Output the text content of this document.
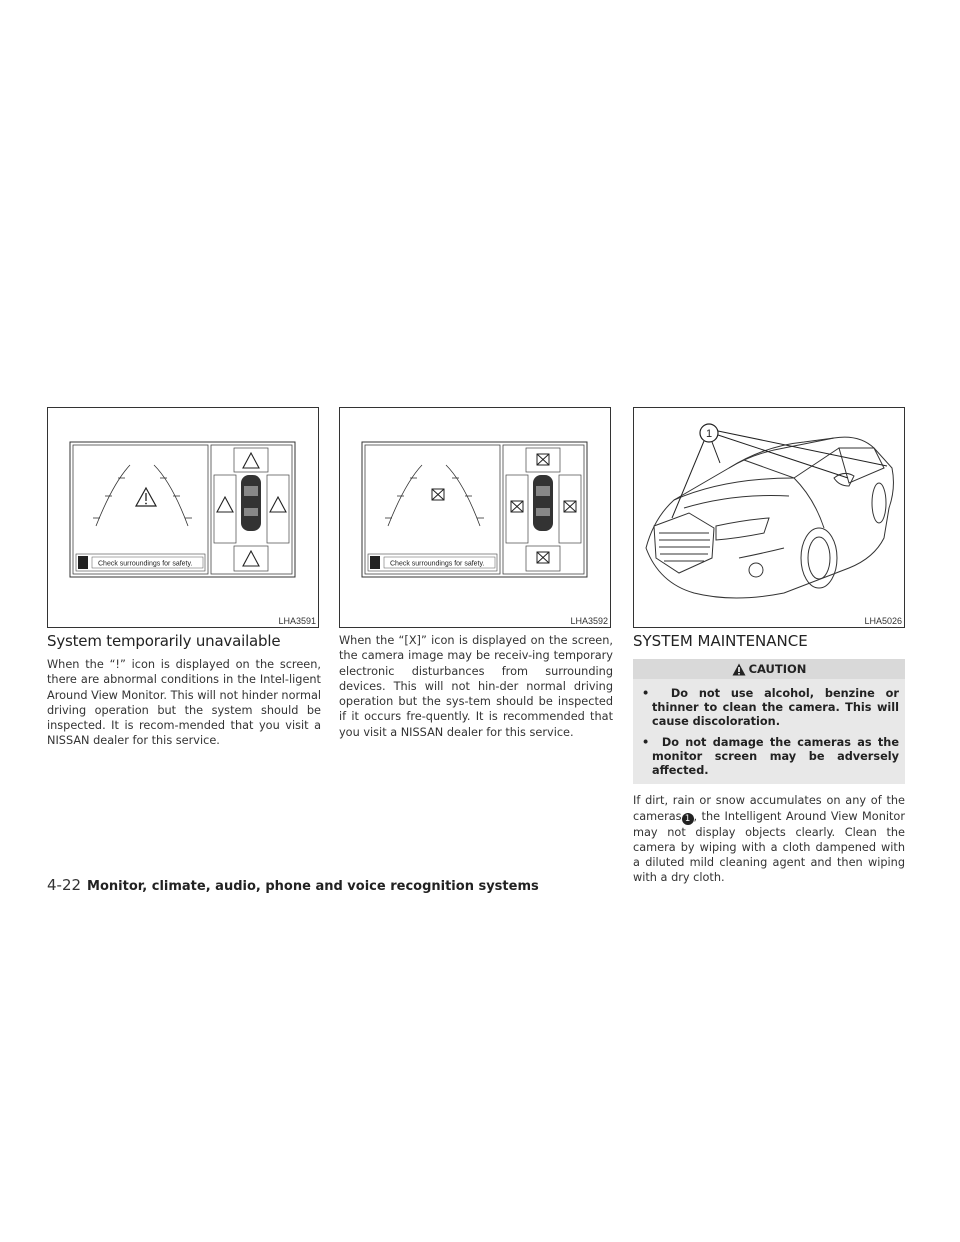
Check surroundings for safety.
LHA3591
Check surroundings for safety.
LHA3592
1
LHA5026
System temporarily unavailable

When the “!” icon is displayed on the screen, there are abnormal conditions in the Intel-ligent Around View Monitor. This will not hinder normal driving operation but the system should be inspected. It is recom-mended that you visit a NISSAN dealer for this service.

When the “[X]” icon is displayed on the screen, the camera image may be receiv-ing temporary electronic disturbances from surrounding devices. This will not hin-der normal driving operation but the sys-tem should be inspected if it occurs fre-quently. It is recommended that you visit a NISSAN dealer for this service.

SYSTEM MAINTENANCE
CAUTION
•  Do not use alcohol, benzine or thinner to clean the camera. This will cause discoloration.
•  Do not damage the cameras as the monitor screen may be adversely affected.

If dirt, rain or snow accumulates on any of the cameras 1 , the Intelligent Around View Monitor may not display objects clearly. Clean the camera by wiping with a cloth dampened with a diluted mild cleaning agent and then wiping with a dry cloth.

4-22 Monitor, climate, audio, phone and voice recognition systems
